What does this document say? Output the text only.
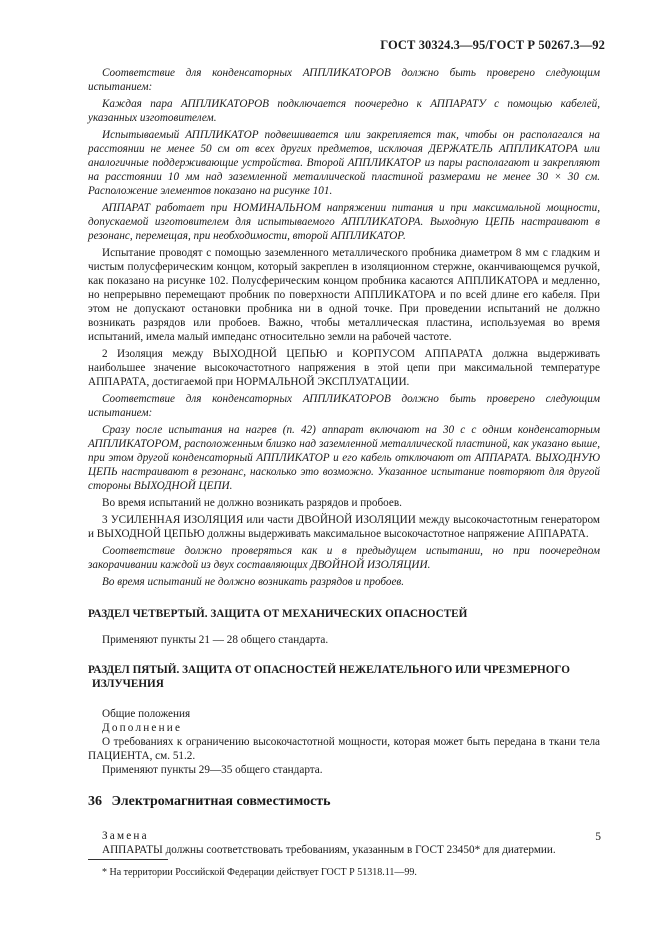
ГОСТ 30324.3—95/ГОСТ Р 50267.3—92

Соответствие для конденсаторных АППЛИКАТОРОВ должно быть проверено следующим испытанием:

Каждая пара АППЛИКАТОРОВ подключается поочередно к АППАРАТУ с помощью кабелей, указанных изготовителем.

Испытываемый АППЛИКАТОР подвешивается или закрепляется так, чтобы он располагался на расстоянии не менее 50 см от всех других предметов, исключая ДЕРЖАТЕЛЬ АППЛИКАТОРА или аналогичные поддерживающие устройства. Второй АППЛИКАТОР из пары располагают и закрепляют на расстоянии 10 мм над заземленной металлической пластиной размерами не менее 30 × 30 см. Расположение элементов показано на рисунке 101.

АППАРАТ работает при НОМИНАЛЬНОМ напряжении питания и при максимальной мощности, допускаемой изготовителем для испытываемого АППЛИКАТОРА. Выходную ЦЕПЬ настраивают в резонанс, перемещая, при необходимости, второй АППЛИКАТОР.

Испытание проводят с помощью заземленного металлического пробника диаметром 8 мм с гладким и чистым полусферическим концом, который закреплен в изоляционном стержне, оканчивающемся ручкой, как показано на рисунке 102. Полусферическим концом пробника касаются АППЛИКАТОРА и медленно, но непрерывно перемещают пробник по поверхности АППЛИКАТОРА и по всей длине его кабеля. При этом не допускают остановки пробника ни в одной точке. При проведении испытаний не должно возникать разрядов или пробоев. Важно, чтобы металлическая пластина, используемая во время испытаний, имела малый импеданс относительно земли на рабочей частоте.

2 Изоляция между ВЫХОДНОЙ ЦЕПЬЮ и КОРПУСОМ АППАРАТА должна выдерживать наибольшее значение высокочастотного напряжения в этой цепи при максимальной температуре АППАРАТА, достигаемой при НОРМАЛЬНОЙ ЭКСПЛУАТАЦИИ.

Соответствие для конденсаторных АППЛИКАТОРОВ должно быть проверено следующим испытанием:

Сразу после испытания на нагрев (п. 42) аппарат включают на 30 с с одним конденсаторным АППЛИКАТОРОМ, расположенным близко над заземленной металлической пластиной, как указано выше, при этом другой конденсаторный АППЛИКАТОР и его кабель отключают от АППАРАТА. ВЫХОДНУЮ ЦЕПЬ настраивают в резонанс, насколько это возможно. Указанное испытание повторяют для другой стороны ВЫХОДНОЙ ЦЕПИ.

Во время испытаний не должно возникать разрядов и пробоев.

3 УСИЛЕННАЯ ИЗОЛЯЦИЯ или части ДВОЙНОЙ ИЗОЛЯЦИИ между высокочастотным генератором и ВЫХОДНОЙ ЦЕПЬЮ должны выдерживать максимальное высокочастотное напряжение АППАРАТА.

Соответствие должно проверяться как и в предыдущем испытании, но при поочередном закорачивании каждой из двух составляющих ДВОЙНОЙ ИЗОЛЯЦИИ.

Во время испытаний не должно возникать разрядов и пробоев.

РАЗДЕЛ ЧЕТВЕРТЫЙ. ЗАЩИТА ОТ МЕХАНИЧЕСКИХ ОПАСНОСТЕЙ

Применяют пункты 21 — 28 общего стандарта.

РАЗДЕЛ ПЯТЫЙ. ЗАЩИТА ОТ ОПАСНОСТЕЙ НЕЖЕЛАТЕЛЬНОГО ИЛИ ЧРЕЗМЕРНОГО
ИЗЛУЧЕНИЯ

Общие положения

Дополнение

О требованиях к ограничению высокочастотной мощности, которая может быть передана в ткани тела ПАЦИЕНТА, см. 51.2.

Применяют пункты 29—35 общего стандарта.

36 Электромагнитная совместимость

Замена

АППАРАТЫ должны соответствовать требованиям, указанным в ГОСТ 23450* для диатермии.

* На территории Российской Федерации действует ГОСТ Р 51318.11—99.
5
